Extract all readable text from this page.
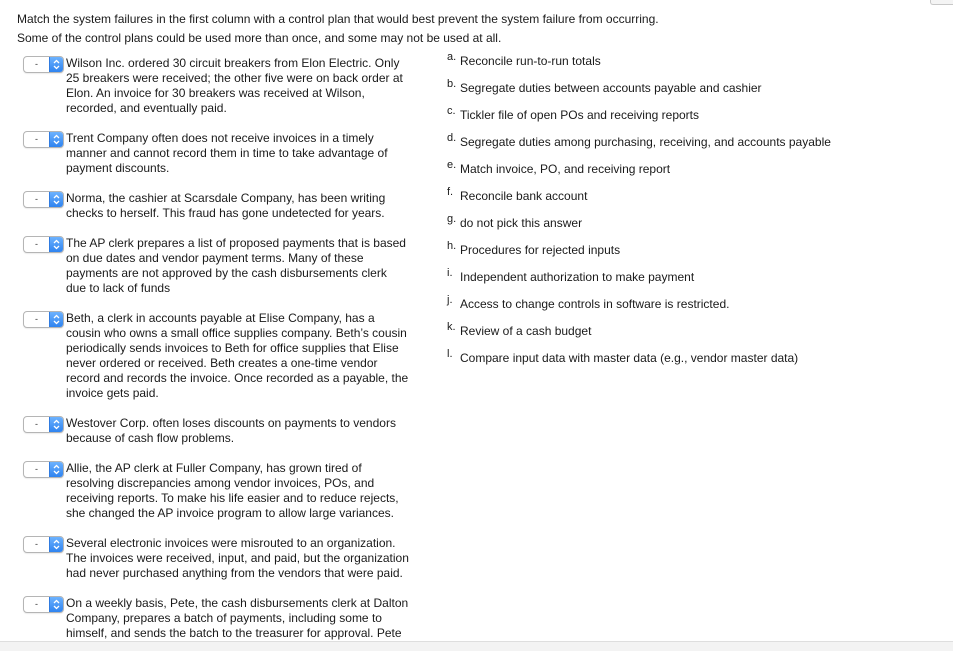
Match the system failures in the first column with a control plan that would best prevent the system failure from occurring.

Some of the control plans could be used more than once, and some may not be used at all.

-	Wilson Inc. ordered 30 circuit breakers from Elon Electric. Only
25 breakers were received; the other five were on back order at
Elon. An invoice for 30 breakers was received at Wilson,
recorded, and eventually paid.
-	Trent Company often does not receive invoices in a timely
manner and cannot record them in time to take advantage of
payment discounts.
-	Norma, the cashier at Scarsdale Company, has been writing
checks to herself. This fraud has gone undetected for years.
-	The AP clerk prepares a list of proposed payments that is based
on due dates and vendor payment terms. Many of these
payments are not approved by the cash disbursements clerk
due to lack of funds
-	Beth, a clerk in accounts payable at Elise Company, has a
cousin who owns a small office supplies company. Beth’s cousin
periodically sends invoices to Beth for office supplies that Elise
never ordered or received. Beth creates a one-time vendor
record and records the invoice. Once recorded as a payable, the
invoice gets paid.
-	Westover Corp. often loses discounts on payments to vendors
because of cash flow problems.
-	Allie, the AP clerk at Fuller Company, has grown tired of
resolving discrepancies among vendor invoices, POs, and
receiving reports. To make his life easier and to reduce rejects,
she changed the AP invoice program to allow large variances.
-	Several electronic invoices were misrouted to an organization.
The invoices were received, input, and paid, but the organization
had never purchased anything from the vendors that were paid.
-	On a weekly basis, Pete, the cash disbursements clerk at Dalton
Company, prepares a batch of payments, including some to
himself, and sends the batch to the treasurer for approval. Pete
a. Reconcile run-to-run totals
b. Segregate duties between accounts payable and cashier
c. Tickler file of open POs and receiving reports
d. Segregate duties among purchasing, receiving, and accounts payable
e. Match invoice, PO, and receiving report
f. Reconcile bank account
g. do not pick this answer
h. Procedures for rejected inputs
i. Independent authorization to make payment
j. Access to change controls in software is restricted.
k. Review of a cash budget
l. Compare input data with master data (e.g., vendor master data)
